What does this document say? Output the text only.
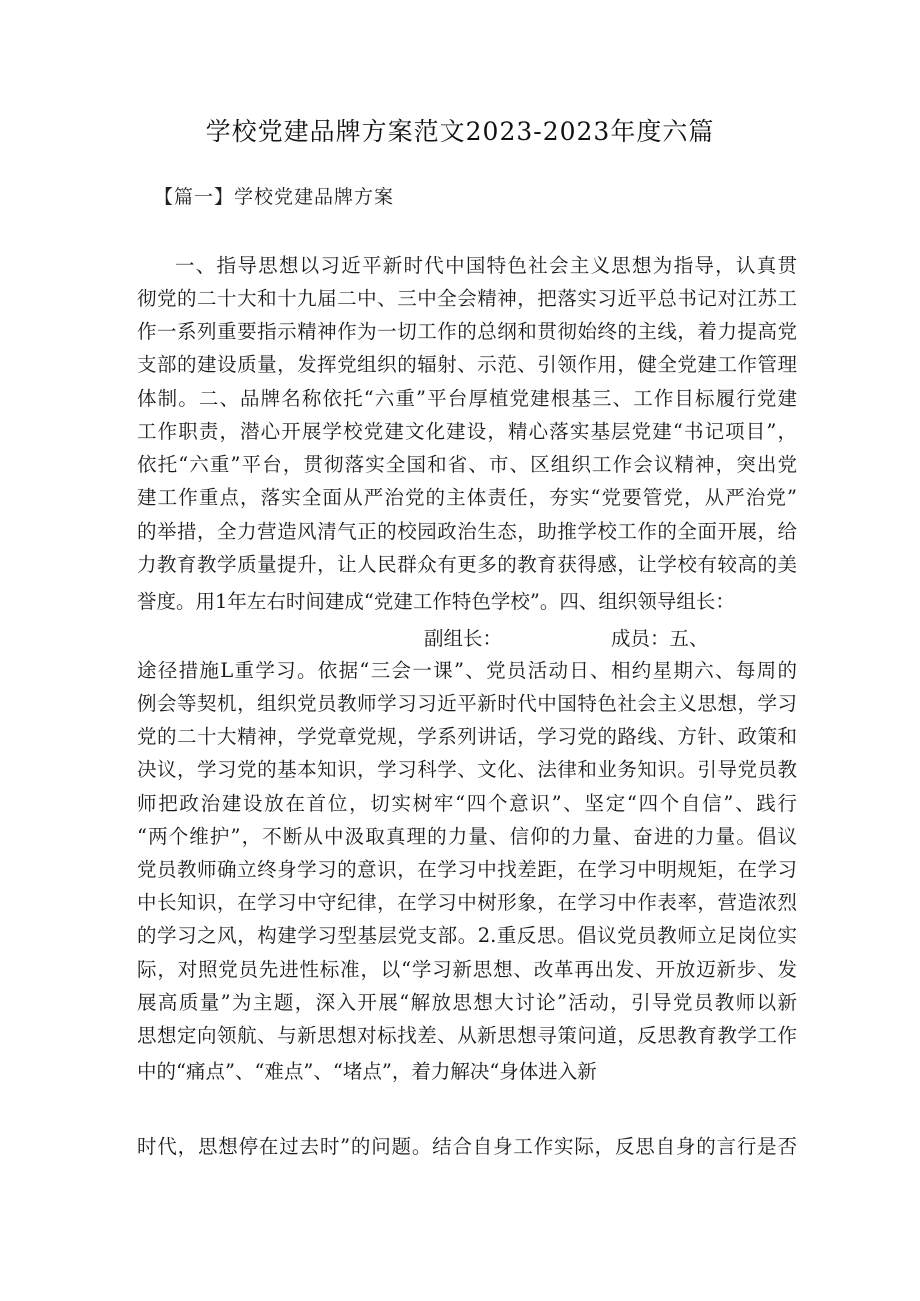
学校党建品牌方案范文2023-2023年度六篇
【篇一】学校党建品牌方案
一、指导思想以习近平新时代中国特色社会主义思想为指导，认真贯
彻党的二十大和十九届二中、三中全会精神，把落实习近平总书记对江苏工
作一系列重要指示精神作为一切工作的总纲和贯彻始终的主线，着力提高党
支部的建设质量，发挥党组织的辐射、示范、引领作用，健全党建工作管理
体制。二、品牌名称依托“六重”平台厚植党建根基三、工作目标履行党建
工作职责，潜心开展学校党建文化建设，精心落实基层党建“书记项目”，
依托“六重”平台，贯彻落实全国和省、市、区组织工作会议精神，突出党
建工作重点，落实全面从严治党的主体责任，夯实“党要管党，从严治党”
的举措，全力营造风清气正的校园政治生态，助推学校工作的全面开展，给
力教育教学质量提升，让人民群众有更多的教育获得感，让学校有较高的美
誉度。用1年左右时间建成“党建工作特色学校”。四、组织领导组长：
副组长：	成员：五、
途径措施L重学习。依据“三会一课”、党员活动日、相约星期六、每周的
例会等契机，组织党员教师学习习近平新时代中国特色社会主义思想，学习
党的二十大精神，学党章党规，学系列讲话，学习党的路线、方针、政策和
决议，学习党的基本知识，学习科学、文化、法律和业务知识。引导党员教
师把政治建设放在首位，切实树牢“四个意识”、坚定“四个自信”、践行
“两个维护”，不断从中汲取真理的力量、信仰的力量、奋进的力量。倡议
党员教师确立终身学习的意识，在学习中找差距，在学习中明规矩，在学习
中长知识，在学习中守纪律，在学习中树形象，在学习中作表率，营造浓烈
的学习之风，构建学习型基层党支部。2.重反思。倡议党员教师立足岗位实
际，对照党员先进性标准，以“学习新思想、改革再出发、开放迈新步、发
展高质量”为主题，深入开展“解放思想大讨论”活动，引导党员教师以新
思想定向领航、与新思想对标找差、从新思想寻策问道，反思教育教学工作
中的“痛点”、“难点”、“堵点”，着力解决“身体进入新
时代，思想停在过去时”的问题。结合自身工作实际，反思自身的言行是否
